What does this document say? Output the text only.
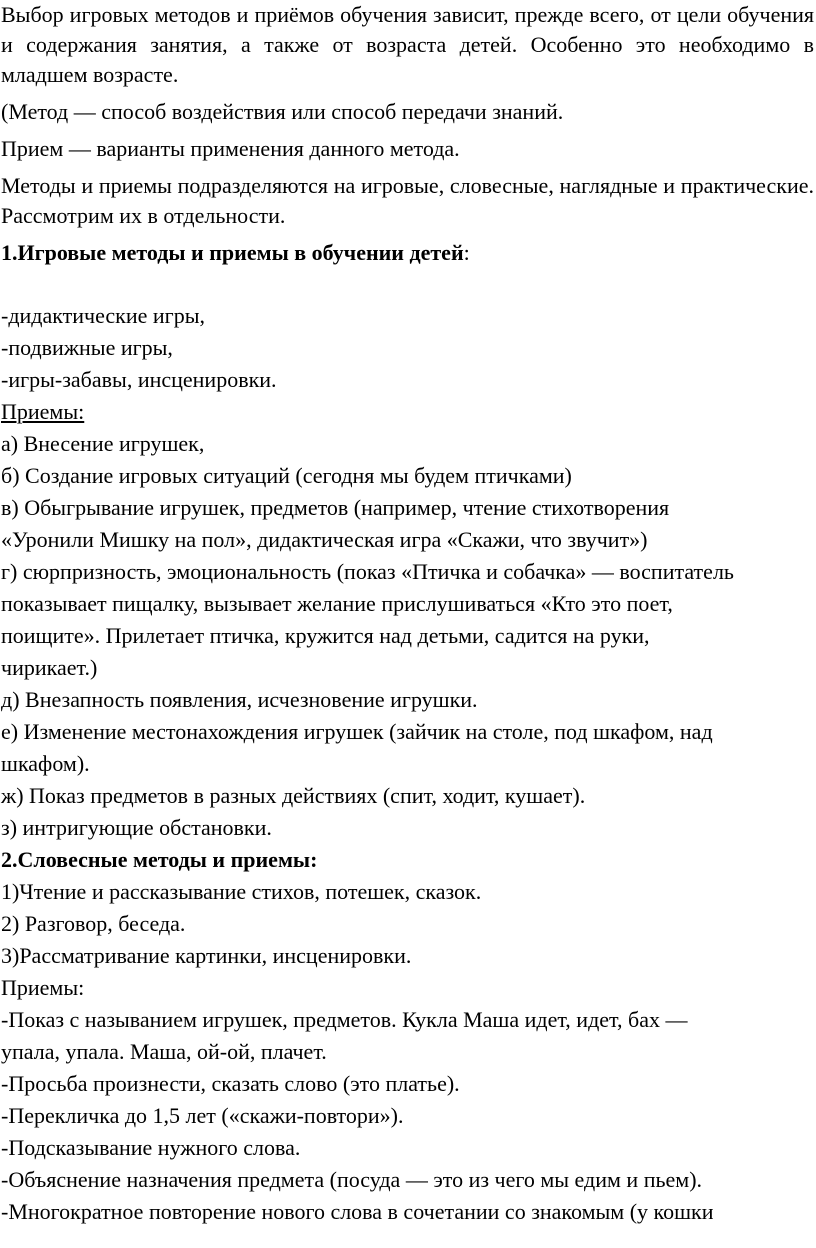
Выбор игровых методов и приёмов обучения зависит, прежде всего, от цели обучения и содержания занятия, а также от возраста детей. Особенно это необходимо в младшем возрасте.

(Метод — способ воздействия или способ передачи знаний.

Прием — варианты применения данного метода.

Методы и приемы подразделяются на игровые, словесные, наглядные и практические. Рассмотрим их в отдельности.

1.Игровые методы и приемы в обучении детей:

-дидактические игры,

-подвижные игры,

-игры-забавы, инсценировки.

Приемы:

а) Внесение игрушек,

б) Создание игровых ситуаций (сегодня мы будем птичками)

в) Обыгрывание игрушек, предметов (например, чтение стихотворения

«Уронили Мишку на пол», дидактическая игра «Скажи, что звучит»)

г) сюрпризность, эмоциональность (показ «Птичка и собачка» — воспитатель

показывает пищалку, вызывает желание прислушиваться «Кто это поет,

поищите». Прилетает птичка, кружится над детьми, садится на руки,

чирикает.)

д) Внезапность появления, исчезновение игрушки.

е) Изменение местонахождения игрушек (зайчик на столе, под шкафом, над

шкафом).

ж) Показ предметов в разных действиях (спит, ходит, кушает).

з) интригующие обстановки.

2.Словесные методы и приемы:

1)Чтение и рассказывание стихов, потешек, сказок.

2) Разговор, беседа.

3)Рассматривание картинки, инсценировки.

Приемы:

-Показ с называнием игрушек, предметов. Кукла Маша идет, идет, бах —

упала, упала. Маша, ой-ой, плачет.

-Просьба произнести, сказать слово (это платье).

-Перекличка до 1,5 лет («скажи-повтори»).

-Подсказывание нужного слова.

-Объяснение назначения предмета (посуда — это из чего мы едим и пьем).

-Многократное повторение нового слова в сочетании со знакомым (у кошки
